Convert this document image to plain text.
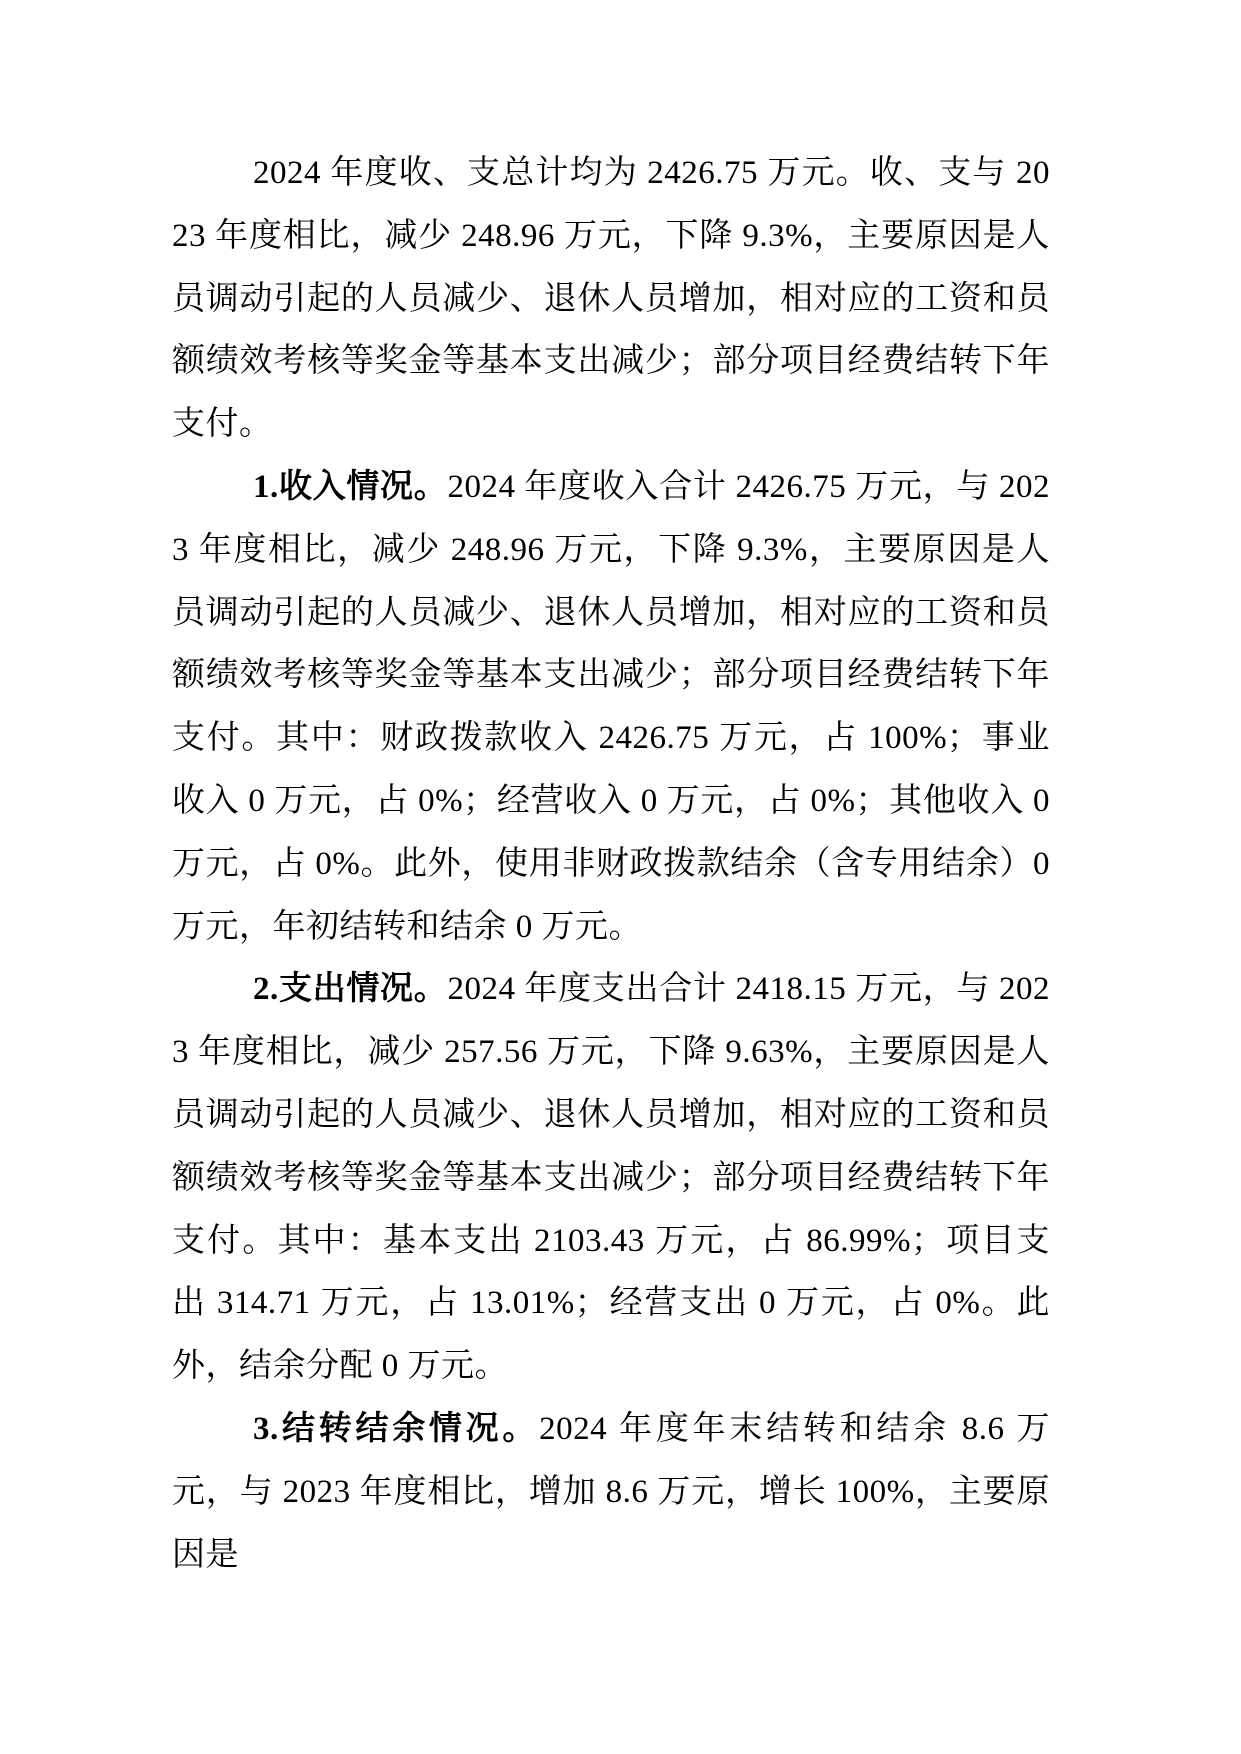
2024 年度收、支总计均为 2426.75 万元。收、支与 2023 年度相比，减少 248.96 万元，下降 9.3%，主要原因是人员调动引起的人员减少、退休人员增加，相对应的工资和员额绩效考核等奖金等基本支出减少；部分项目经费结转下年支付。

1.收入情况。2024 年度收入合计 2426.75 万元，与 2023 年度相比，减少 248.96 万元，下降 9.3%，主要原因是人员调动引起的人员减少、退休人员增加，相对应的工资和员额绩效考核等奖金等基本支出减少；部分项目经费结转下年支付。其中：财政拨款收入 2426.75 万元，占 100%；事业收入 0 万元，占 0%；经营收入 0 万元，占 0%；其他收入 0 万元，占 0%。此外，使用非财政拨款结余（含专用结余）0 万元，年初结转和结余 0 万元。

2.支出情况。2024 年度支出合计 2418.15 万元，与 2023 年度相比，减少 257.56 万元，下降 9.63%，主要原因是人员调动引起的人员减少、退休人员增加，相对应的工资和员额绩效考核等奖金等基本支出减少；部分项目经费结转下年支付。其中：基本支出 2103.43 万元，占 86.99%；项目支出 314.71 万元，占 13.01%；经营支出 0 万元，占 0%。此外，结余分配 0 万元。

3.结转结余情况。2024 年度年末结转和结余 8.6 万元，与 2023 年度相比，增加 8.6 万元，增长 100%，主要原因是
